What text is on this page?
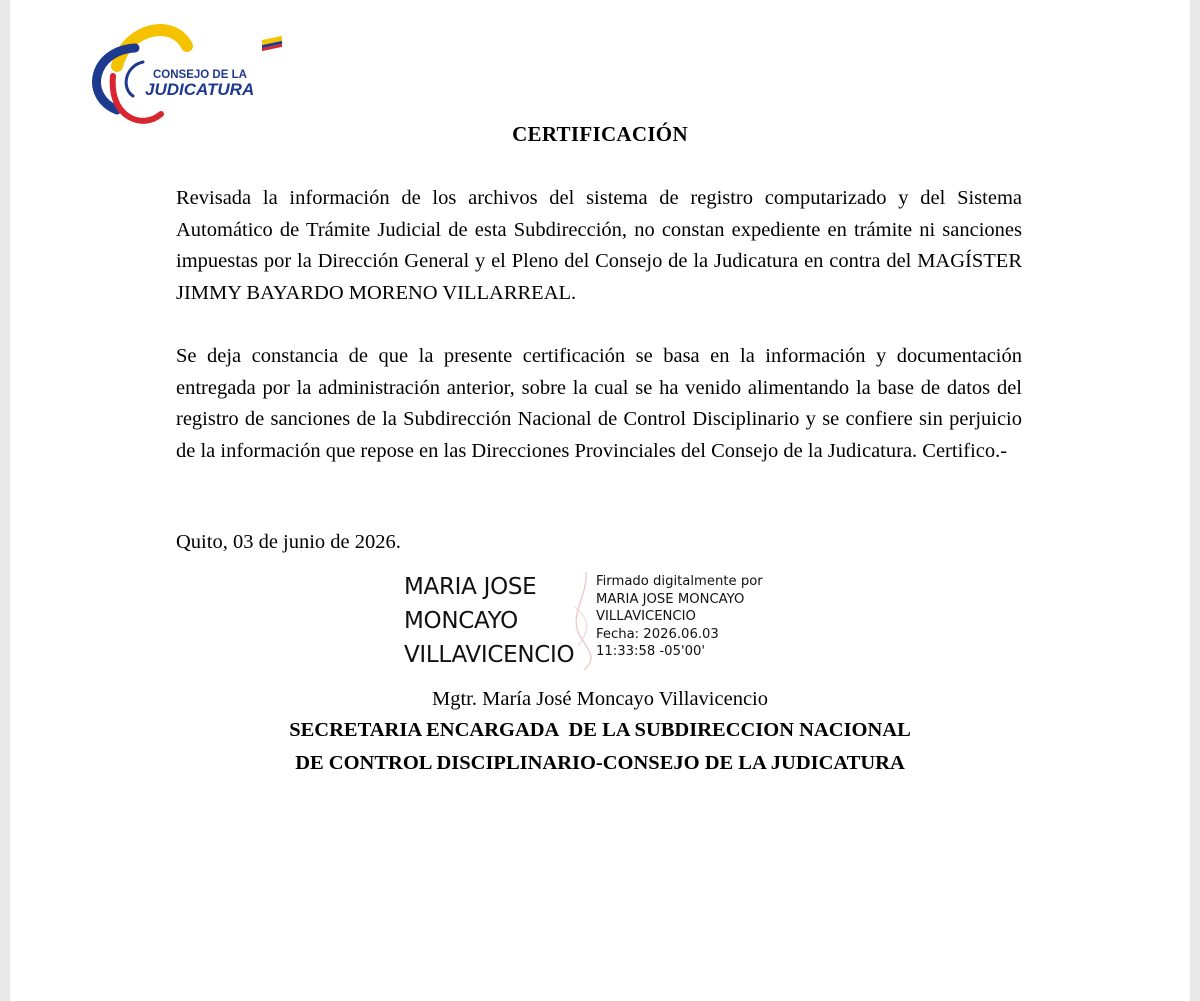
CONSEJO DE LA
JUDICATURA
CERTIFICACIÓN
Revisada la información de los archivos del sistema de registro computarizado y del Sistema Automático de Trámite Judicial de esta Subdirección, no constan expediente en trámite ni sanciones impuestas por la Dirección General y el Pleno del Consejo de la Judicatura en contra del MAGÍSTER JIMMY BAYARDO MORENO VILLARREAL.
Se deja constancia de que la presente certificación se basa en la información y documentación entregada por la administración anterior, sobre la cual se ha venido alimentando la base de datos del registro de sanciones de la Subdirección Nacional de Control Disciplinario y se confiere sin perjuicio de la información que repose en las Direcciones Provinciales del Consejo de la Judicatura. Certifico.-
Quito, 03 de junio de 2026.
MARIA JOSE
MONCAYO
VILLAVICENCIO
Firmado digitalmente por
MARIA JOSE MONCAYO
VILLAVICENCIO
Fecha: 2026.06.03
11:33:58 -05'00'
Mgtr. María José Moncayo Villavicencio
SECRETARIA ENCARGADA  DE LA SUBDIRECCION NACIONAL
DE CONTROL DISCIPLINARIO-CONSEJO DE LA JUDICATURA
